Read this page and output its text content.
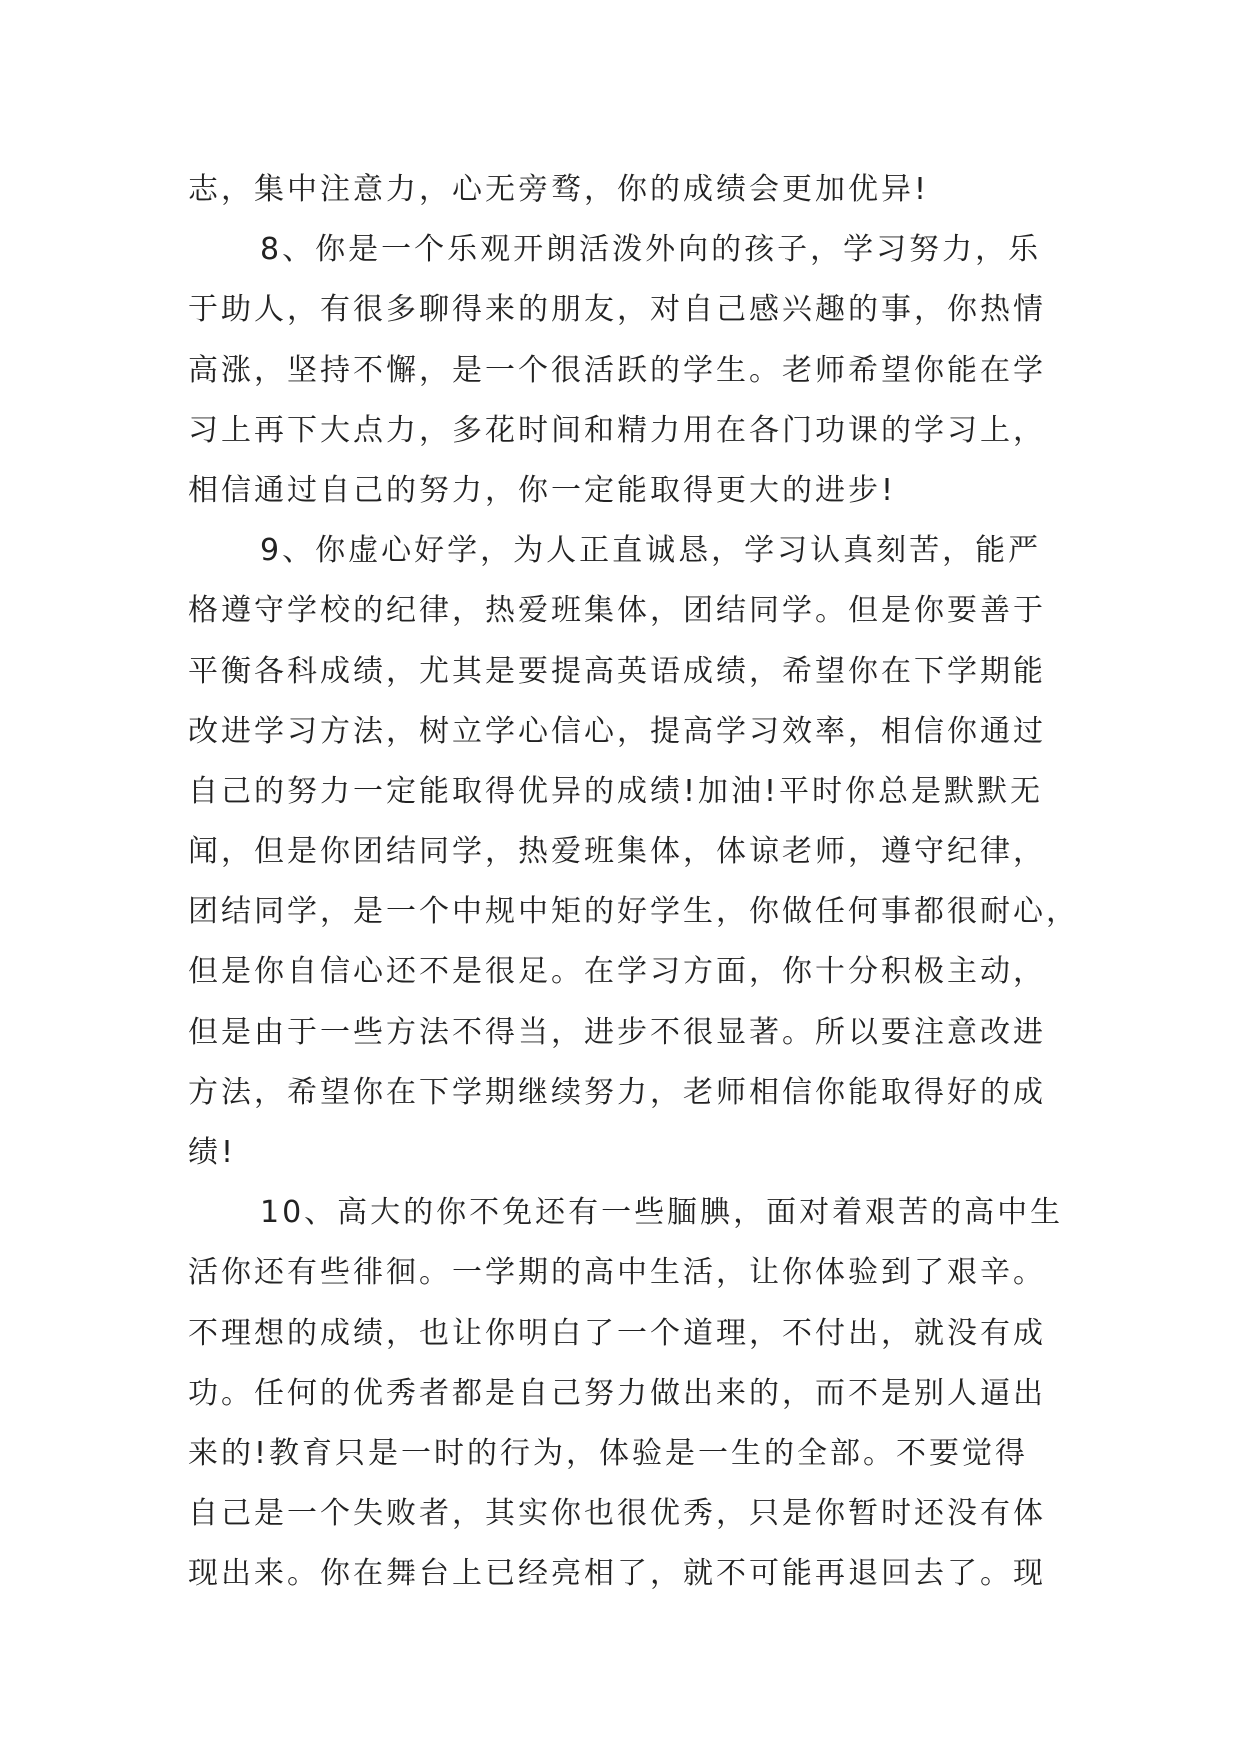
志，集中注意力，心无旁骛，你的成绩会更加优异!
8、你是一个乐观开朗活泼外向的孩子，学习努力，乐
于助人，有很多聊得来的朋友，对自己感兴趣的事，你热情
高涨，坚持不懈，是一个很活跃的学生。老师希望你能在学
习上再下大点力，多花时间和精力用在各门功课的学习上，
相信通过自己的努力，你一定能取得更大的进步!
9、你虚心好学，为人正直诚恳，学习认真刻苦，能严
格遵守学校的纪律，热爱班集体，团结同学。但是你要善于
平衡各科成绩，尤其是要提高英语成绩，希望你在下学期能
改进学习方法，树立学心信心，提高学习效率，相信你通过
自己的努力一定能取得优异的成绩!加油!平时你总是默默无
闻，但是你团结同学，热爱班集体，体谅老师，遵守纪律，
团结同学，是一个中规中矩的好学生，你做任何事都很耐心，
但是你自信心还不是很足。在学习方面，你十分积极主动，
但是由于一些方法不得当，进步不很显著。所以要注意改进
方法，希望你在下学期继续努力，老师相信你能取得好的成
绩!
10、高大的你不免还有一些腼腆，面对着艰苦的高中生
活你还有些徘徊。一学期的高中生活，让你体验到了艰辛。
不理想的成绩，也让你明白了一个道理，不付出，就没有成
功。任何的优秀者都是自己努力做出来的，而不是别人逼出
来的!教育只是一时的行为，体验是一生的全部。不要觉得
自己是一个失败者，其实你也很优秀，只是你暂时还没有体
现出来。你在舞台上已经亮相了，就不可能再退回去了。现
